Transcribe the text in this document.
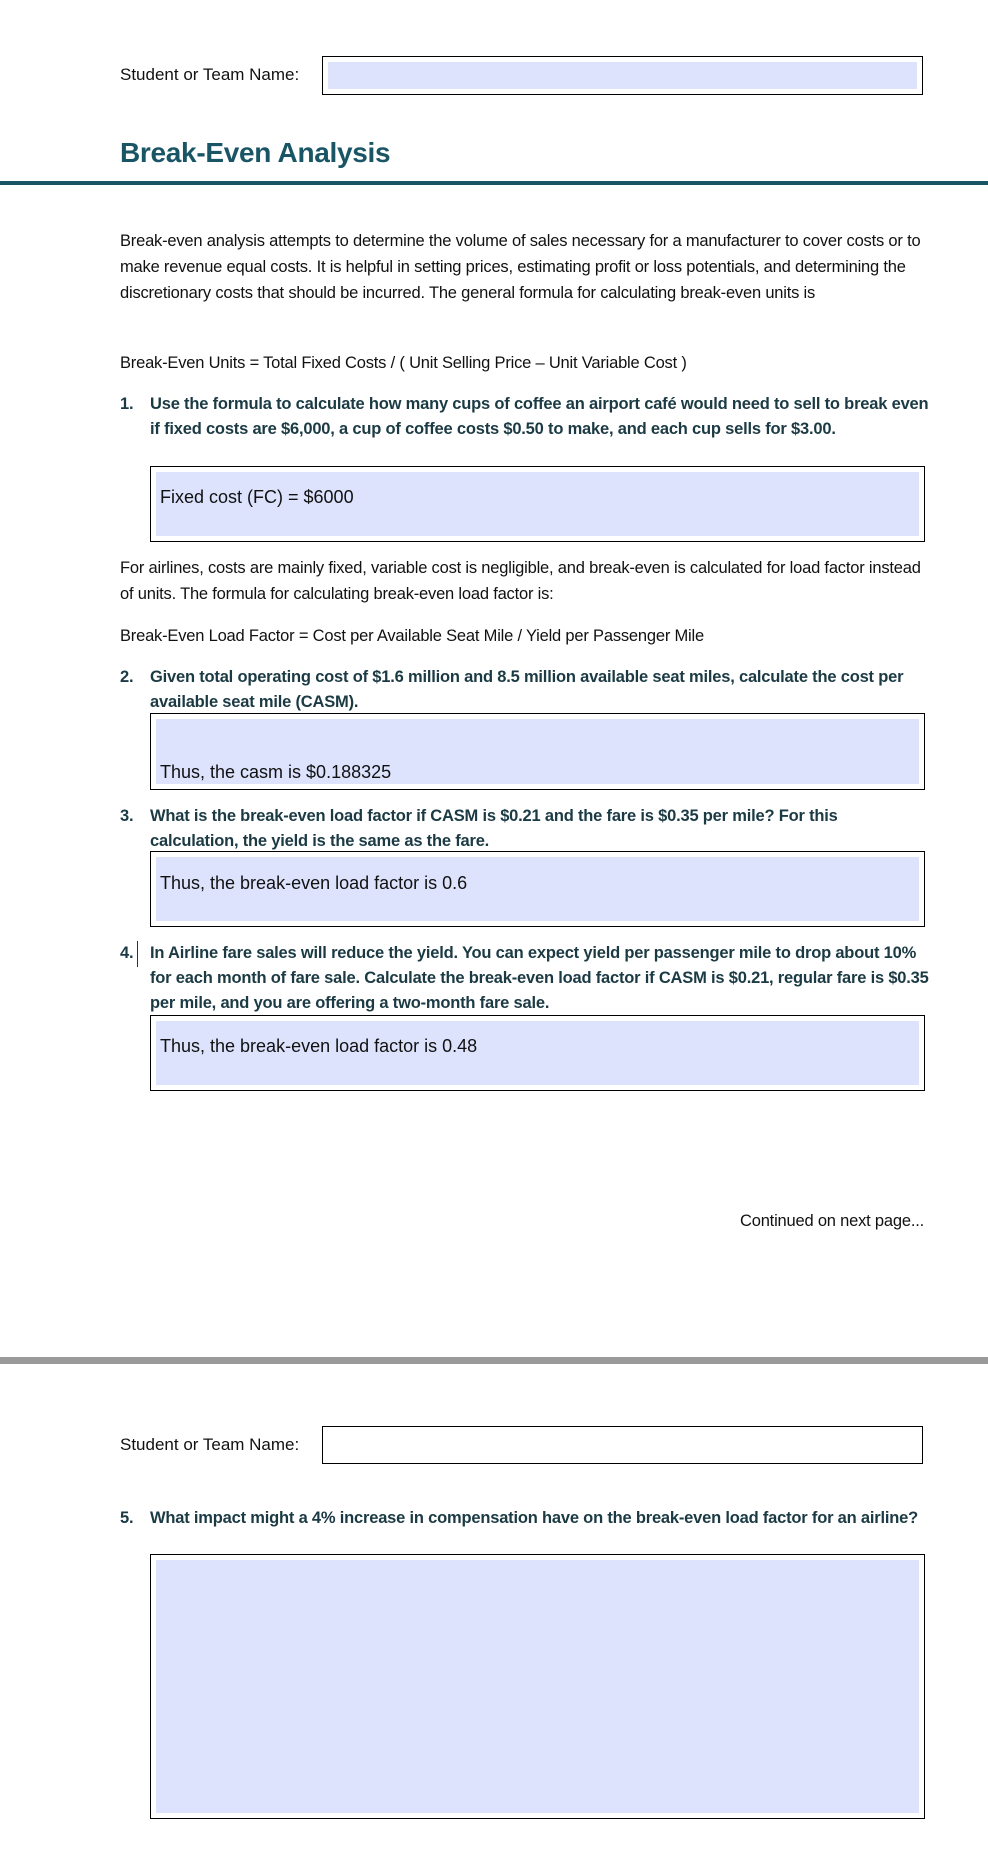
Student or Team Name:
Break-Even Analysis
Break-even analysis attempts to determine the volume of sales necessary for a manufacturer to cover costs or to make revenue equal costs. It is helpful in setting prices, estimating profit or loss potentials, and determining the discretionary costs that should be incurred. The general formula for calculating break-even units is
Break-Even Units = Total Fixed Costs / ( Unit Selling Price – Unit Variable Cost )
1. Use the formula to calculate how many cups of coffee an airport café would need to sell to break even if fixed costs are $6,000, a cup of coffee costs $0.50 to make, and each cup sells for $3.00.
Fixed cost (FC) = $6000
For airlines, costs are mainly fixed, variable cost is negligible, and break-even is calculated for load factor instead of units. The formula for calculating break-even load factor is:
Break-Even Load Factor = Cost per Available Seat Mile / Yield per Passenger Mile
2. Given total operating cost of $1.6 million and 8.5 million available seat miles, calculate the cost per available seat mile (CASM).
Thus, the casm is $0.188325
3. What is the break-even load factor if CASM is $0.21 and the fare is $0.35 per mile? For this calculation, the yield is the same as the fare.
Thus, the break-even load factor is 0.6
4. In Airline fare sales will reduce the yield. You can expect yield per passenger mile to drop about 10% for each month of fare sale. Calculate the break-even load factor if CASM is $0.21, regular fare is $0.35 per mile, and you are offering a two-month fare sale.
Thus, the break-even load factor is 0.48
Continued on next page...
Student or Team Name:
5. What impact might a 4% increase in compensation have on the break-even load factor for an airline?
